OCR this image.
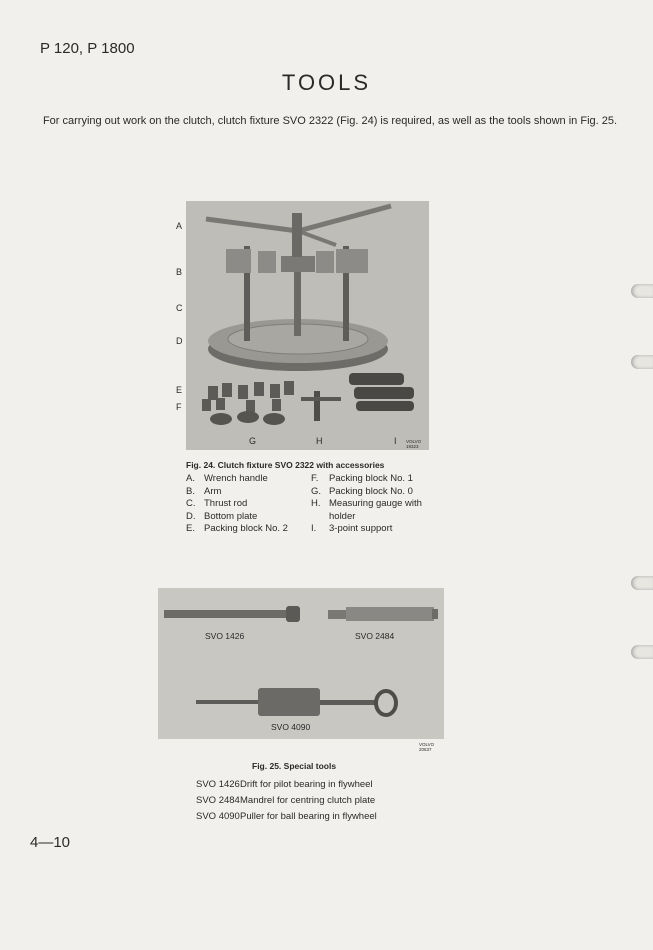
P 120, P 1800
TOOLS
For carrying out work on the clutch, clutch fixture SVO 2322 (Fig. 24) is required, as well as the tools shown in Fig. 25.
A
B
C
D
E
F
G	H	I VOLVO 19323
Fig. 24. Clutch fixture SVO 2322 with accessories
A. Wrench handle
B. Arm
C. Thrust rod
D. Bottom plate
E. Packing block No. 2
F.	Packing block No. 1
G. Packing block No. 0
H. Measuring gauge with
holder
I.	3-point support
SVO 1426	SVO 2484
SVO 4090
VOLVO 20637
Fig. 25. Special tools
SVO 1426 Drift for pilot bearing in flywheel
SVO 2484 Mandrel for centring clutch plate
SVO 4090 Puller for ball bearing in flywheel
4—10
